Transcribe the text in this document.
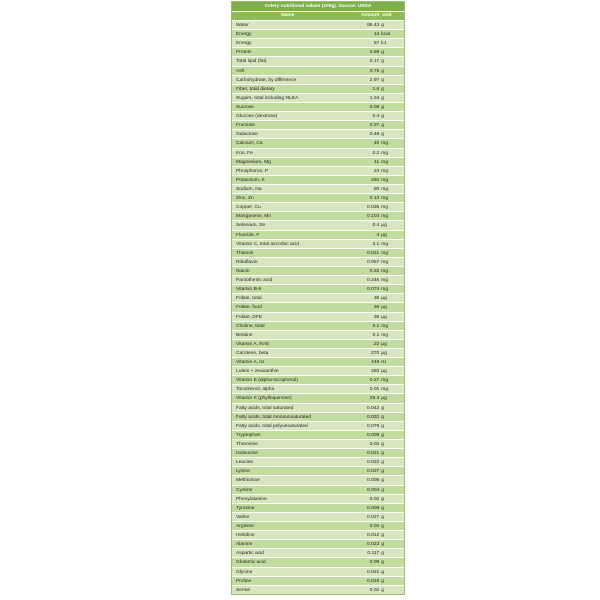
Celery nutritional values (100g). Source: USDA
Name	Amount Unit
Water	95.43 g
Energy	14 kcal
Energy	57 kJ
Protein	0.69 g
Total lipid (fat)	0.17 g
Ash	0.75 g
Carbohydrate, by difference	2.97 g
Fiber, total dietary	1.6 g
Sugars, total including NLEA	1.34 g
Sucrose	0.08 g
Glucose (dextrose)	0.4 g
Fructose	0.37 g
Galactose	0.48 g
Calcium, Ca	40 mg
Iron, Fe	0.2 mg
Magnesium, Mg	11 mg
Phosphorus, P	24 mg
Potassium, K	260 mg
Sodium, Na	80 mg
Zinc, Zn	0.13 mg
Copper, Cu	0.035 mg
Manganese, Mn	0.103 mg
Selenium, Se	0.4 µg
Fluoride, F	4 µg
Vitamin C, total ascorbic acid	3.1 mg
Thiamin	0.021 mg
Riboflavin	0.057 mg
Niacin	0.32 mg
Pantothenic acid	0.246 mg
Vitamin B-6	0.074 mg
Folate, total	36 µg
Folate, food	36 µg
Folate, DFE	36 µg
Choline, total	6.1 mg
Betaine	0.1 mg
Vitamin A, RAE	22 µg
Carotene, beta	270 µg
Vitamin A, IU	449 IU
Lutein + zeaxanthin	283 µg
Vitamin E (alpha-tocopherol)	0.27 mg
Tocotrienol, alpha	0.01 mg
Vitamin K (phylloquinone)	29.3 µg
Fatty acids, total saturated	0.042 g
Fatty acids, total monounsaturated	0.032 g
Fatty acids, total polyunsaturated	0.079 g
Tryptophan	0.009 g
Threonine	0.02 g
Isoleucine	0.021 g
Leucine	0.032 g
Lysine	0.027 g
Methionine	0.005 g
Cystine	0.004 g
Phenylalanine	0.02 g
Tyrosine	0.009 g
Valine	0.027 g
Arginine	0.02 g
Histidine	0.012 g
Alanine	0.023 g
Aspartic acid	0.117 g
Glutamic acid	0.09 g
Glycine	0.021 g
Proline	0.018 g
Serine	0.02 g
